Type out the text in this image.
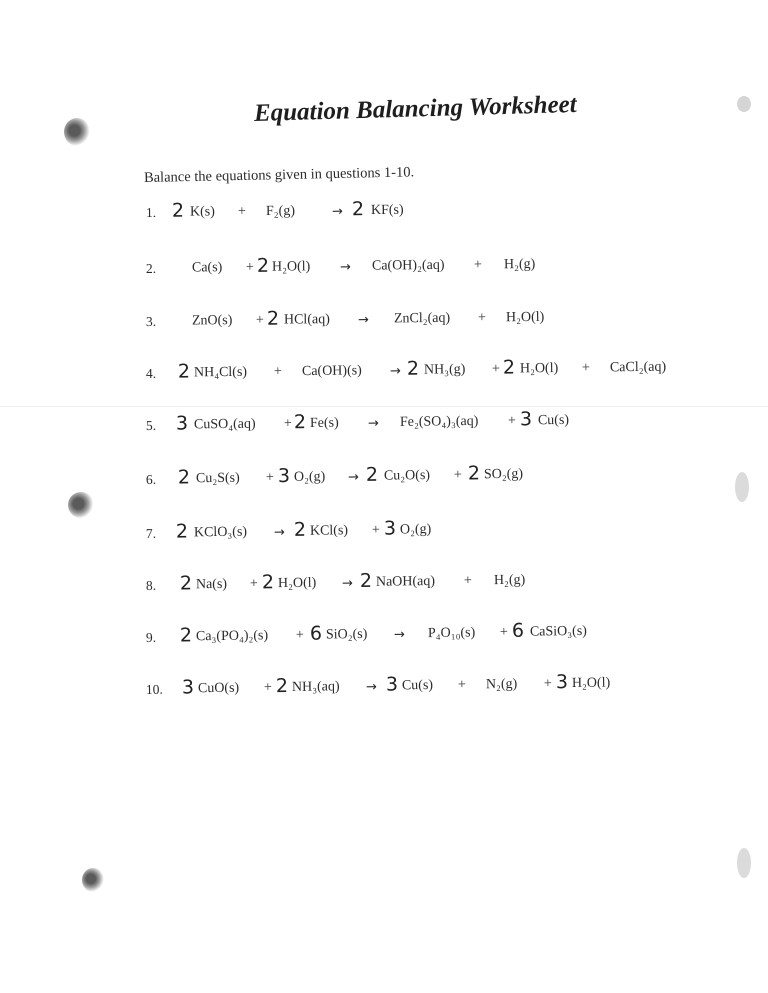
Equation Balancing Worksheet
Balance the equations given in questions 1-10.
1. 2 K(s) + F₂(g)	→ 2 KF(s)
2.	Ca(s) + 2 H₂O(l) → Ca(OH)₂(aq) + H₂(g)
3.	ZnO(s) + 2 HCl(aq) → ZnCl₂(aq) + H₂O(l)
4. 2 NH₄Cl(s) + Ca(OH)(s) → 2 NH₃(g) + 2 H₂O(l) + CaCl₂(aq)
5. 3 CuSO₄(aq) + 2 Fe(s) → Fe₂(SO₄)₃(aq) + 3 Cu(s)
6. 2 Cu₂S(s) + 3 O₂(g) → 2 Cu₂O(s) + 2 SO₂(g)
7. 2 KClO₃(s) → 2 KCl(s) + 3 O₂(g)
8. 2 Na(s) + 2 H₂O(l) → 2 NaOH(aq) + H₂(g)
9. 2 Ca₃(PO₄)₂(s) + 6 SiO₂(s) → P₄O₁₀(s) + 6 CaSiO₃(s)
10. 3 CuO(s) + 2 NH₃(aq) → 3 Cu(s) + N₂(g) + 3 H₂O(l)
